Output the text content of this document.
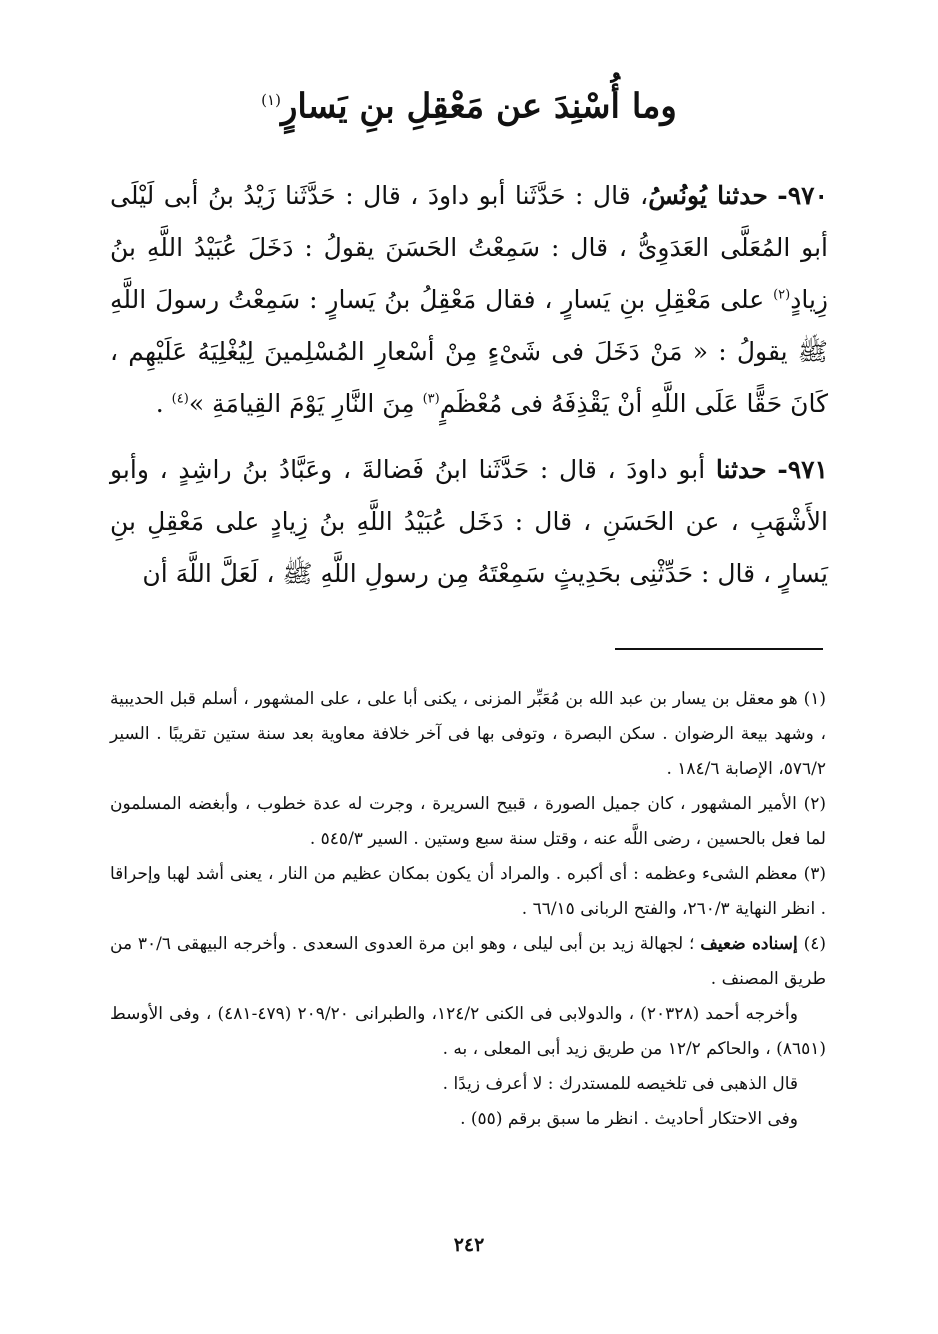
وما أُسْنِدَ عن مَعْقِلِ بنِ يَسارٍ$^{(١)}$

٩٧٠- حدثنا يُونُسُ، قال : حَدَّثَنا أبو داودَ ، قال : حَدَّثَنا زَيْدُ بنُ أبى لَيْلَى أبو المُعَلَّى العَدَوِىُّ ، قال : سَمِعْتُ الحَسَنَ يقولُ : دَخَلَ عُبَيْدُ اللَّهِ بنُ زِيادٍ$^{(٢)}$ على مَعْقِلِ بنِ يَسارٍ ، فقال مَعْقِلُ بنُ يَسارٍ : سَمِعْتُ رسولَ اللَّهِ ﷺ يقولُ : « مَنْ دَخَلَ فى شَىْءٍ مِنْ أسْعارِ المُسْلِمينَ لِيُغْلِيَهُ عَلَيْهِم ، كَانَ حَقًّا عَلَى اللَّهِ أنْ يَقْذِفَهُ فى مُعْظَمٍ$^{(٣)}$ مِنَ النَّارِ يَوْمَ القِيامَةِ »$^{(٤)}$ .

٩٧١- حدثنا أبو داودَ ، قال : حَدَّثَنا ابنُ فَضالةَ ، وعَبَّادُ بنُ راشِدٍ ، وأبو الأَشْهَبِ ، عن الحَسَنِ ، قال : دَخَل عُبَيْدُ اللَّهِ بنُ زِيادٍ على مَعْقِلِ بنِ يَسارٍ ، قال : حَدِّثْنِى بحَدِيثٍ سَمِعْتَهُ مِن رسولِ اللَّهِ ﷺ ، لَعَلَّ اللَّهَ أن

(١) هو معقل بن يسار بن عبد الله بن مُعَبِّر المزنى ، يكنى أبا على ، على المشهور ، أسلم قبل الحديبية ، وشهد بيعة الرضوان . سكن البصرة ، وتوفى بها فى آخر خلافة معاوية بعد سنة ستين تقريبًا . السير ٥٧٦/٢، الإصابة ١٨٤/٦ .

(٢) الأمير المشهور ، كان جميل الصورة ، قبيح السريرة ، وجرت له عدة خطوب ، وأبغضه المسلمون لما فعل بالحسين ، رضى اللَّه عنه ، وقتل سنة سبع وستين . السير ٥٤٥/٣ .

(٣) معظم الشىء وعظمه : أى أكبره . والمراد أن يكون بمكان عظيم من النار ، يعنى أشد لهبا وإحراقا . انظر النهاية ٢٦٠/٣، والفتح الربانى ٦٦/١٥ .

(٤) إسناده ضعيف ؛ لجهالة زيد بن أبى ليلى ، وهو ابن مرة العدوى السعدى . وأخرجه البيهقى ٣٠/٦ من طريق المصنف .

وأخرجه أحمد (٢٠٣٢٨) ، والدولابى فى الكنى ١٢٤/٢، والطبرانى ٢٠٩/٢٠ (٤٧٩-٤٨١) ، وفى الأوسط (٨٦٥١) ، والحاكم ١٢/٢ من طريق زيد أبى المعلى ، به .

قال الذهبى فى تلخيصه للمستدرك : لا أعرف زيدًا .

وفى الاحتكار أحاديث . انظر ما سبق برقم (٥٥) .

٢٤٢
